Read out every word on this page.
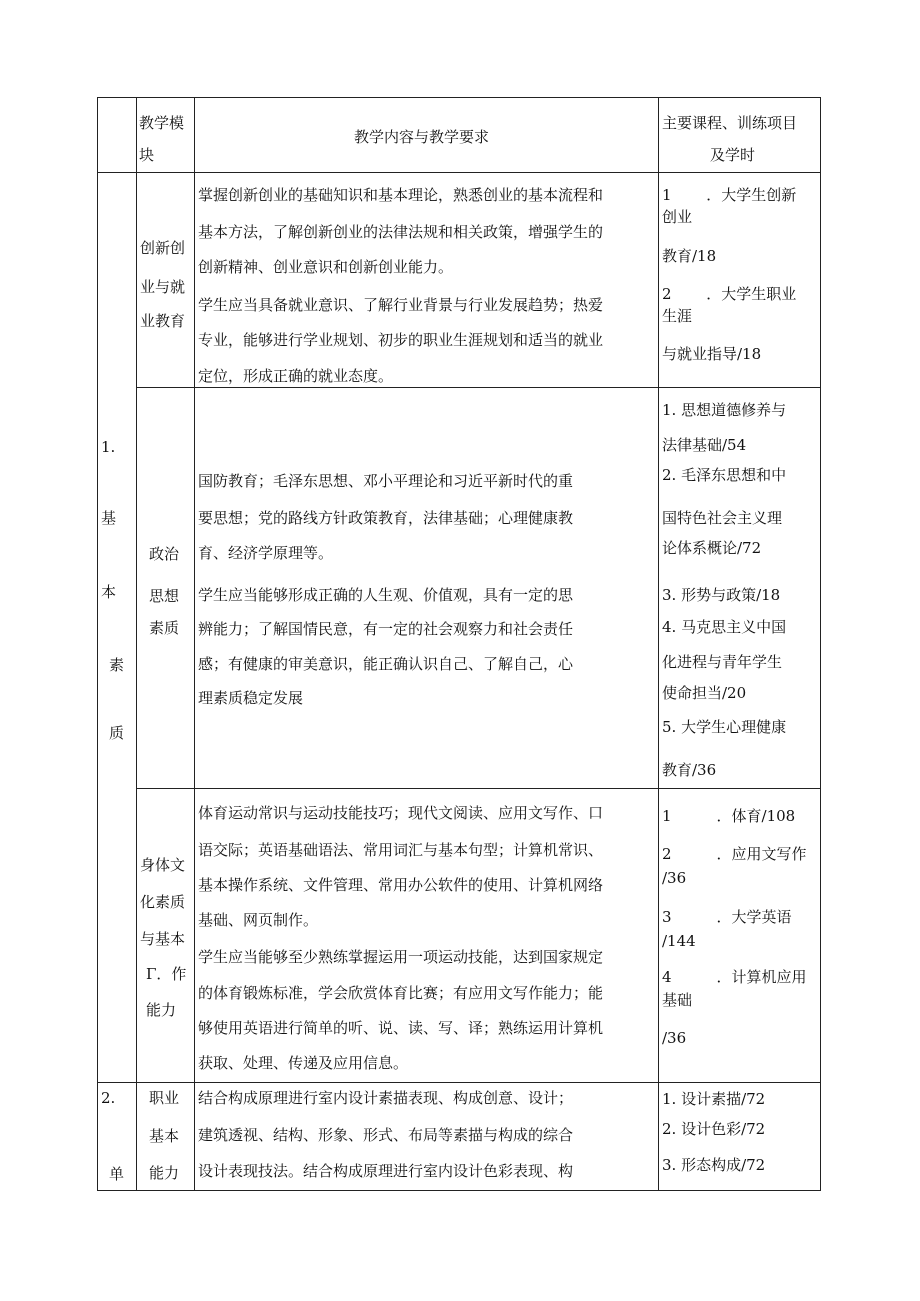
教学模
块
教学内容与教学要求
主要课程、训练项目
及学时
1.
基
本
素
质
2.
单
创新创
业与就
业教育
掌握创新创业的基础知识和基本理论，熟悉创业的基本流程和
基本方法，了解创新创业的法律法规和相关政策，增强学生的
创新精神、创业意识和创新创业能力。
学生应当具备就业意识、了解行业背景与行业发展趋势；热爱
专业，能够进行学业规划、初步的职业生涯规划和适当的就业
定位，形成正确的就业态度。
1　　 ．大学生创新
创业
教育/18
2　　 ．大学生职业
生涯
与就业指导/18
政治
思想
素质
国防教育；毛泽东思想、邓小平理论和习近平新时代的重
要思想；党的路线方针政策教育，法律基础；心理健康教
育、经济学原理等。
学生应当能够形成正确的人生观、价值观，具有一定的思
辨能力；了解国情民意，有一定的社会观察力和社会责任
感；有健康的审美意识，能正确认识自己、了解自己，心
理素质稳定发展
1. 思想道德修养与
法律基础/54
2. 毛泽东思想和中
国特色社会主义理
论体系概论/72
3. 形势与政策/18
4. 马克思主义中国
化进程与青年学生
使命担当/20
5. 大学生心理健康
教育/36
身体文
化素质
与基本
Γ．作
能力
体育运动常识与运动技能技巧；现代文阅读、应用文写作、口
语交际；英语基础语法、常用词汇与基本句型；计算机常识、
基本操作系统、文件管理、常用办公软件的使用、计算机网络
基础、网页制作。
学生应当能够至少熟练掌握运用一项运动技能，达到国家规定
的体育锻炼标准，学会欣赏体育比赛；有应用文写作能力；能
够使用英语进行简单的听、说、读、写、译；熟练运用计算机
获取、处理、传递及应用信息。
1　　　．体育/108
2　　　．应用文写作
/36
3　　　．大学英语
/144
4　　　．计算机应用
基础
/36
职业
基本
能力
结合构成原理进行室内设计素描表现、构成创意、设计；
建筑透视、结构、形象、形式、布局等素描与构成的综合
设计表现技法。结合构成原理进行室内设计色彩表现、构
1. 设计素描/72
2. 设计色彩/72
3. 形态构成/72
